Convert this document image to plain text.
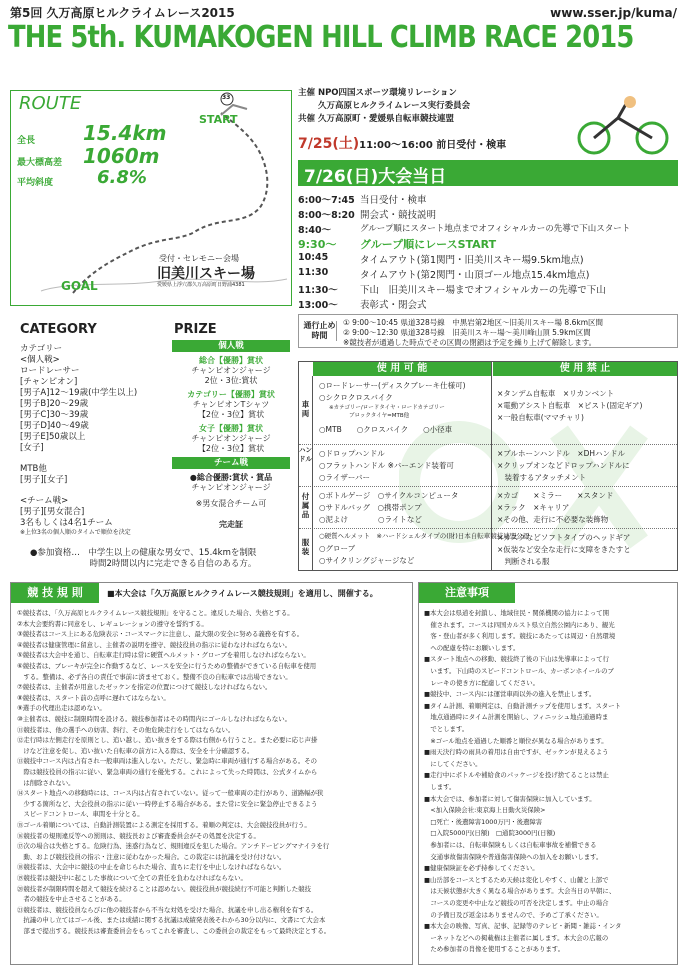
第5回 久万高原ヒルクライムレース2015	www.sser.jp/kuma/
THE 5th. KUMAKOGEN HILL CLIMB RACE 2015
ROUTE
全長 15.4km
最大標高差 1060m
平均斜度 6.8%
33
START
GOAL
受付・セレモニー会場
旧美川スキー場
愛媛県上浮穴郡久万高原町日野浦4381
主催 NPO四国スポーツ環境リレーション
久万高原ヒルクライムレース実行委員会
共催 久万高原町・愛媛県自転車競技連盟
7/25(土)11:00〜16:00 前日受付・検車
7/26(日)大会当日
6:00〜7:45 当日受付・検車
8:00〜8:20 開会式・競技説明
8:40〜	グループ順にスタート地点までオフィシャルカーの先導で下山スタート
9:30〜	グループ順にレースSTART
10:45	タイムアウト(第1関門・旧美川スキー場9.5km地点)
11:30	タイムアウト(第2関門・山頂ゴール地点15.4km地点)
11:30〜	下山　旧美川スキー場までオフィシャルカーの先導で下山
13:00〜	表彰式・閉会式
通行止め時間
① 9:00〜10:45 県道328号線　中黒岩第2地区〜旧美川スキー場 8.6km区間
② 9:00〜12:30 県道328号線　旧美川スキー場〜美川峰山頂 5.9km区間
※競技者が通過した時点でその区間の閉鎖は予定を繰り上げて解除します。
CATEGORY
カテゴリー
<個人戦>
ロードレーサー
[チャンピオン]
[男子A]12〜19歳(中学生以上)
[男子B]20〜29歳
[男子C]30〜39歳
[男子D]40〜49歳
[男子E]50歳以上
[女子]
MTB他
[男子][女子]
<チーム戦>
[男子][男女混合]
3名もしくは4名1チーム
※上位3名の個人順のタイムで順位を決定
PRIZE
個人戦
総合【優勝】賞状
チャンピオンジャージ
2位・3位:賞状
カテゴリー【優勝】賞状
チャンピオンTシャツ
【2位・3位】賞状
女子【優勝】賞状
チャンピオンジャージ
【2位・3位】賞状
チーム戦
●総合優勝:賞状・賞品
チャンピオンジャージ
※男女混合チーム可
完走証
使 用 可 能	使 用 禁 止
車両
○ロードレーサー(ディスクブレーキ仕様可)
○シクロクロスバイク
※カテゴリー/ロードタイヤ・ロードカテゴリー
ブロックタイヤ=MTB他
○MTB　　○クロスバイク　　○小径車
×タンデム自転車　×リカンベント
×電動アシスト自転車　×ピスト(固定ギア)
×一般自転車(ママチャリ)
ハンドル
○ドロップハンドル
○フラットハンドル ※バーエンド装着可
○ライザーバー
×ブルホーンハンドル　×DHハンドル
×クリップオンなどドロップハンドルに
　装着するアタッチメント
付属品
○ボトルゲージ　○サイクルコンピュータ
○サドルバッグ　○携帯ポンプ
○泥よけ　　　　○ライトなど
×カゴ　　×ミラー　　×スタンド
×ラック　×キャリア
×その他、走行に不必要な装飾物
服装
○硬質ヘルメット　※ハードシェルタイプの(財)日本自転車競技連盟公認
○グローブ
○サイクリングジャージなど
×カスクなどソフトタイプのヘッドギア
×仮装など安全な走行に支障をきたすと
　判断される服
●参加資格…　中学生以上の健康な男女で、15.4kmを制限
　　　　　　　時間2時間以内に完走できる自信のある方。
競 技 規 則	■本大会は「久万高原ヒルクライムレース競技規則」を適用し、開催する。
①競技者は、「久万高原ヒルクライムレース競技規則」を守ること。違反した場合、失格とする。
②本大会要約書に同意をし、レギュレーションの遵守を誓約する。
③競技者はコース上にある危険表示・コースマークに注意し、最大限の安全に努める義務を有する。
④競技者は健康管理に留意し、主催者の説明を遵守、競技役員の指示に従わなければならない。
⑤競技者は大会中を通じ、自転車走行時は常に硬質ヘルメット・グローブを着用しなければならない。
⑥競技者は、ブレーキが完全に作動するなど、レースを安全に行うための整備ができている自転車を使用
　する。整備は、必ず各自の責任で事前に済ませておく。整備不良の自転車では出場できない。
⑦競技者は、主催者が用意したゼッケンを指定の位置につけて競技しなければならない。
⑧競技者は、スタート前の点呼に遅れてはならない。
⑨選手の代理出走は認めない。
⑩主催者は、競技に制限時間を設ける。競技参加者はその時間内にゴールしなければならない。
⑪競技者は、他の選手への妨害、斜行、その他危険走行をしてはならない。
⑫走行時は左側走行を原則とし、追い越し、追い抜きをする際は右側から行うこと。また必要に応じ声掛
　けなど注意を促し、追い抜いた自転車の前方に入る際は、安全を十分確認する。
⑬競技中コース内は占有され一般車両は進入しない。ただし、緊急時に車両が通行する場合がある。その
　際は競技役員の指示に従い、緊急車両の通行を優先する。これによって失った時間は、公式タイムから
　は削除されない。
⑭スタート地点への移動時には、コース内は占有されていない。従って一般車両の走行があり、道路幅が狭
　少する箇所など、大会役員の指示に従い一時停止する場合がある。また常に安全に緊急停止できるよう
　スピードコントロール、車間を十分とる。
⑮ゴール着順については、自動計測装置による測定を採用する。着順の判定は、大会競技役員が行う。
⑯競技者の規則違反等への罰則は、競技長および審査委員会がその処置を決定する。
⑰次の場合は失格とする。危険行為、迷惑行為など、規則違反を犯した場合。アンチドーピングマナイラを行
　動、および競技役員の指示・注意に従わなかった場合。この裁定には抗議を受け付けない。
⑱競技者は、大会中に競技の中止を命じられた場合、直ちに走行を中止しなければならない。
⑲競技者は競技中に起こした事故について全ての責任を負わなければならない。
⑳競技者が制限時間を超えて競技を続けることは認めない。競技役員が競技続行不可能と判断した競技
　者の競技を中止させることがある。
㉑競技者は、競技役員ならびに他の競技者から不当な対処を受けた場合、抗議を申し出る権利を有する。
　抗議の申し立てはゴール後、または成績に関する抗議は成績発表後それから30分以内に、文書にて大会本
　部まで提出する。競技長は審査委員会をもってこれを審査し、この委員会の裁定をもって最終決定とする。
注意事項
■本大会は県道を封鎖し、地域住民・関係機関の協力によって開
　催されます。コースは四国カルスト県立自然公園内にあり、観光
　客・登山者が多く利用します。競技にあたっては周辺・自然環境
　への配慮を特にお願いします。
■スタート地点への移動、競技終了後の下山は先導車によって行
　います。下山時のスピードコントロール、カーボンホイールのブ
　レーキの使き方に配慮してください。
■競技中、コース内には運営車両以外の進入を禁止します。
■タイム計測、着順判定は、自動計測チップを使用します。スタート
　地点通過時にタイム計測を開始し、フィニッシュ地点通過時ま
　でとします。
　※ゴール地点を通過した順番と順位が異なる場合があります。
■雨天決行時の雨具の着用は自由ですが、ゼッケンが見えるよう
　にしてください。
■走行中にボトルや補給食のパッケージを投げ捨てることは禁止
　します。
■本大会では、参加者に対して傷害保険に加入しています。
　<加入保険会社:東京海上日動火災保険>
　□死亡・後遺障害1000万円・後遺障害
　□入院5000円(日額)　□通院3000円(日額)
　参加者には、自転車保険もしくは自転車事故を補償できる
　交通事故傷害保険や普通傷害保険への加入をお願いします。
■健康保険証を必ず持参してください。
■山岳部をコースとするため天候は変化しやすく、山麓と上部で
　は天候状態が大きく異なる場合があります。大会当日の早朝に、
　コースの変更や中止など競技の可否を決定します。中止の場合
　の予備日及び返金はありませんので、予めご了承ください。
■本大会の映像、写真、記事、記録等のテレビ・新聞・雑誌・インタ
　ーネットなどへの掲載権は主催者に属します。本大会の広報の
　ため参加者の肖像を使用することがあります。
